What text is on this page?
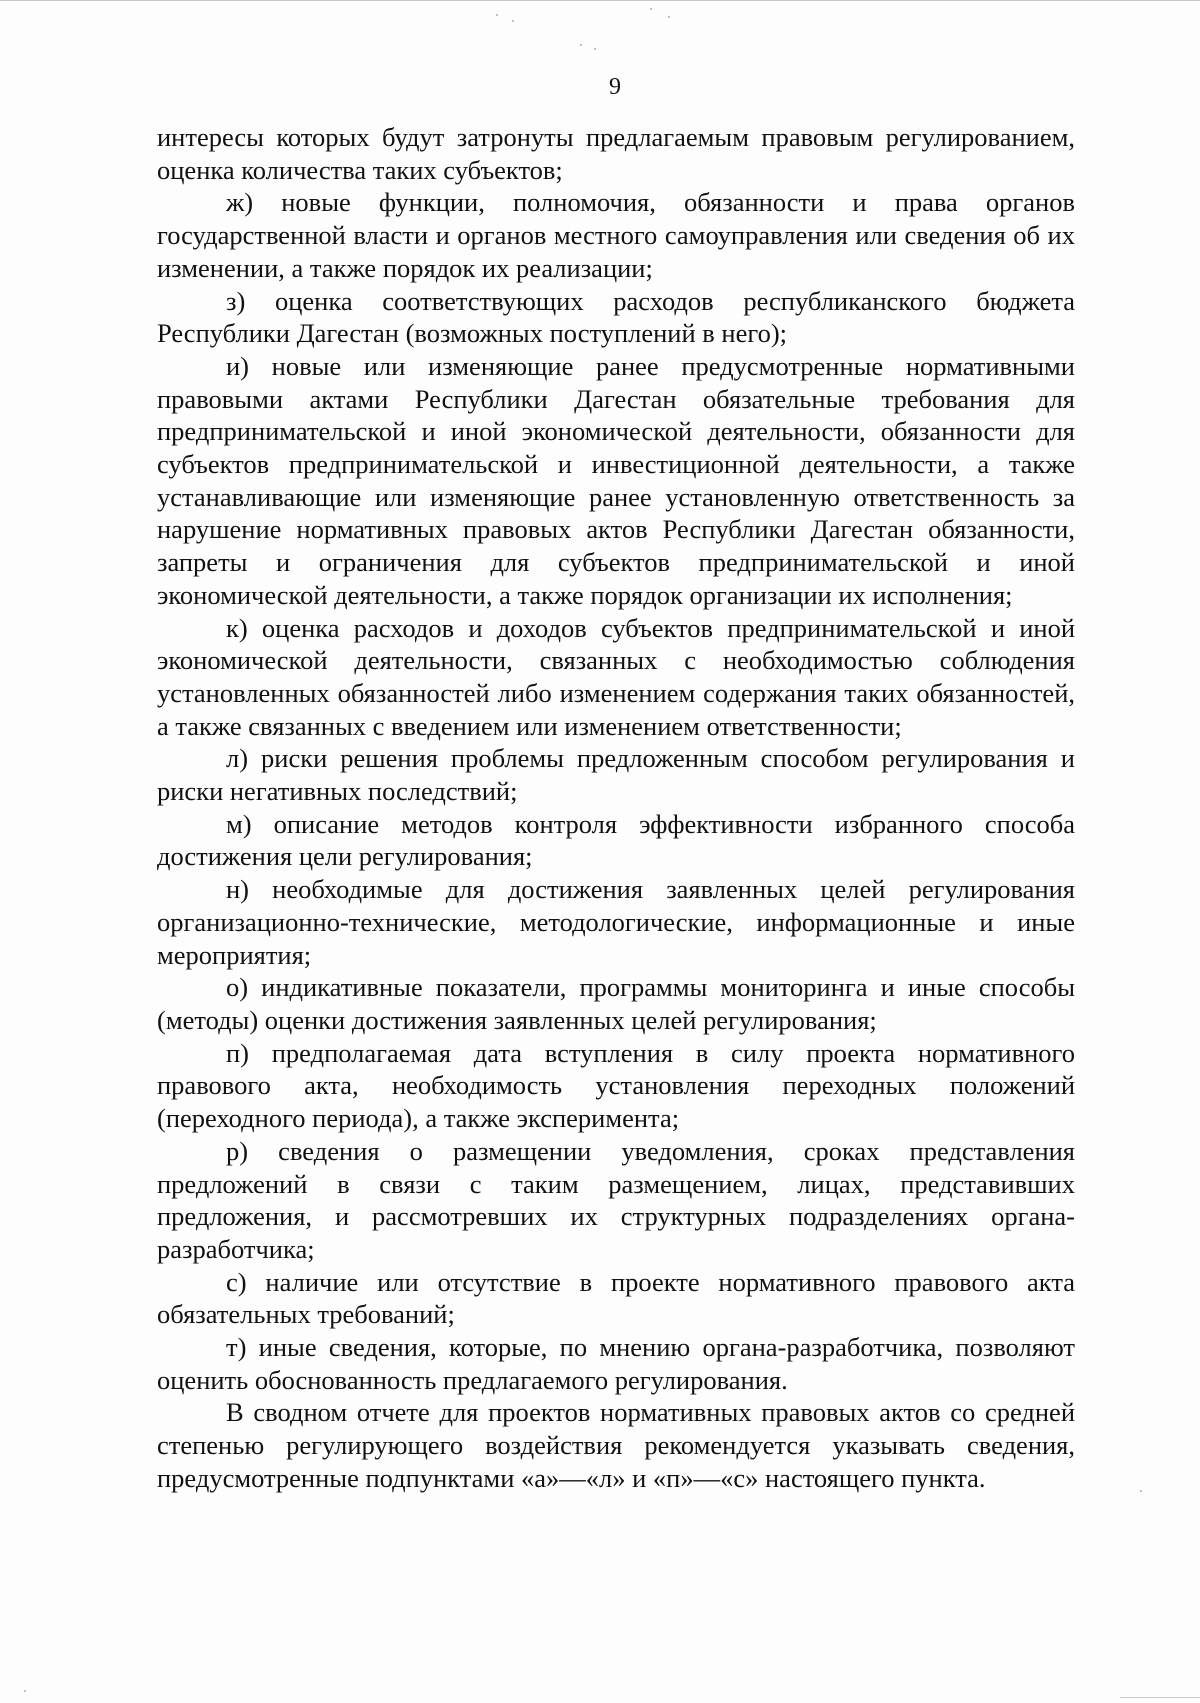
9

интересы которых будут затронуты предлагаемым правовым регулированием, оценка количества таких субъектов;

ж) новые функции, полномочия, обязанности и права органов государственной власти и органов местного самоуправления или сведения об их изменении, а также порядок их реализации;

з) оценка соответствующих расходов республиканского бюджета Республики Дагестан (возможных поступлений в него);

и) новые или изменяющие ранее предусмотренные нормативными правовыми актами Республики Дагестан обязательные требования для предпринимательской и иной экономической деятельности, обязанности для субъектов предпринимательской и инвестиционной деятельности, а также устанавливающие или изменяющие ранее установленную ответственность за нарушение нормативных правовых актов Республики Дагестан обязанности, запреты и ограничения для субъектов предпринимательской и иной экономической деятельности, а также порядок организации их исполнения;

к) оценка расходов и доходов субъектов предпринимательской и иной экономической деятельности, связанных с необходимостью соблюдения установленных обязанностей либо изменением содержания таких обязанностей, а также связанных с введением или изменением ответственности;

л) риски решения проблемы предложенным способом регулирования и риски негативных последствий;

м) описание методов контроля эффективности избранного способа достижения цели регулирования;

н) необходимые для достижения заявленных целей регулирования организационно-технические, методологические, информационные и иные мероприятия;

о) индикативные показатели, программы мониторинга и иные способы (методы) оценки достижения заявленных целей регулирования;

п) предполагаемая дата вступления в силу проекта нормативного правового акта, необходимость установления переходных положений (переходного периода), а также эксперимента;

р) сведения о размещении уведомления, сроках представления предложений в связи с таким размещением, лицах, представивших предложения, и рассмотревших их структурных подразделениях органа-разработчика;

с) наличие или отсутствие в проекте нормативного правового акта обязательных требований;

т) иные сведения, которые, по мнению органа-разработчика, позволяют оценить обоснованность предлагаемого регулирования.

В сводном отчете для проектов нормативных правовых актов со средней степенью регулирующего воздействия рекомендуется указывать сведения, предусмотренные подпунктами «а»—«л» и «п»—«с» настоящего пункта.
